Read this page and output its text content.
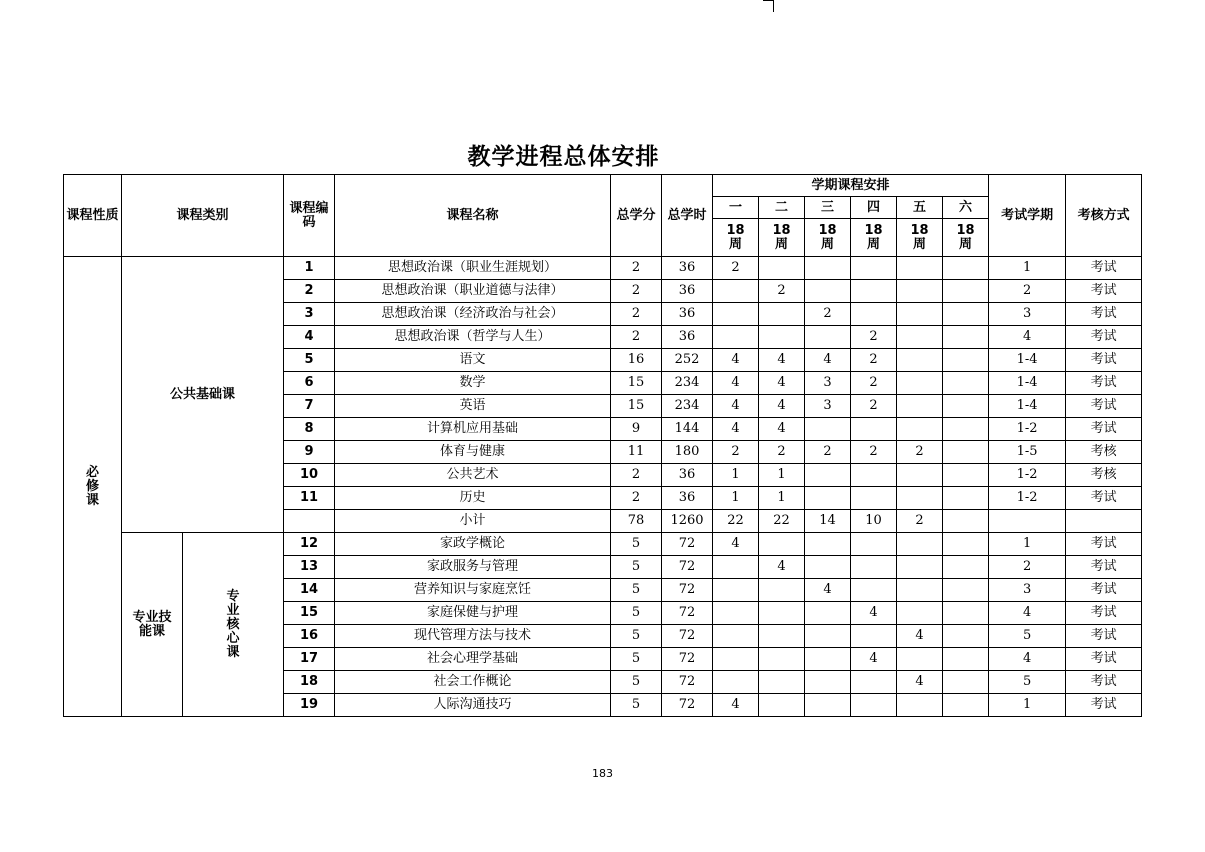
教学进程总体安排
课程性质	课程类别		课程编码	课程名称	总学分	总学时	学期课程安排						考试学期	考核方式
							一	二	三	四	五	六		
							18周	18周	18周	18周	18周	18周		
必修课	公共基础课		1	思想政治课（职业生涯规划）	2	36	2						1	考试
			2	思想政治课（职业道德与法律）	2	36		2					2	考试
			3	思想政治课（经济政治与社会）	2	36			2				3	考试
			4	思想政治课（哲学与人生）	2	36				2			4	考试
			5	语文	16	252	4	4	4	2			1-4	考试
			6	数学	15	234	4	4	3	2			1-4	考试
			7	英语	15	234	4	4	3	2			1-4	考试
			8	计算机应用基础	9	144	4	4					1-2	考试
			9	体育与健康	11	180	2	2	2	2	2		1-5	考核
			10	公共艺术	2	36	1	1					1-2	考核
			11	历史	2	36	1	1					1-2	考试
				小计	78	1260	22	22	14	10	2			
	专业技能课	专业核心课	12	家政学概论	5	72	4						1	考试
			13	家政服务与管理	5	72		4					2	考试
			14	营养知识与家庭烹饪	5	72			4				3	考试
			15	家庭保健与护理	5	72				4			4	考试
			16	现代管理方法与技术	5	72					4		5	考试
			17	社会心理学基础	5	72				4			4	考试
			18	社会工作概论	5	72					4		5	考试
			19	人际沟通技巧	5	72	4						1	考试
183
